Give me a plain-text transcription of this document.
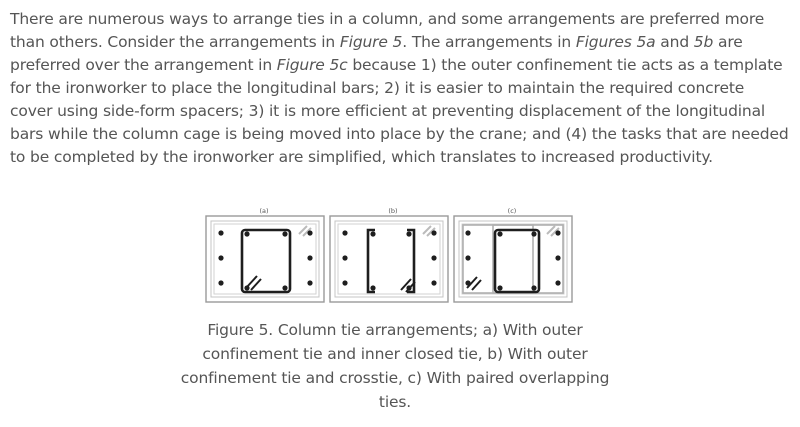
There are numerous ways to arrange ties in a column, and some arrangements are preferred more than others. Consider the arrangements in Figure 5. The arrangements in Figures 5a and 5b are preferred over the arrangement in Figure 5c because 1) the outer confinement tie acts as a template for the ironworker to place the longitudinal bars; 2) it is easier to maintain the required concrete cover using side-form spacers; 3) it is more efficient at preventing displacement of the longitudinal bars while the column cage is being moved into place by the crane; and (4) the tasks that are needed to be completed by the ironworker are simplified, which translates to increased productivity.
(a)	(b)	(c)
Figure 5. Column tie arrangements; a) With outer confinement tie and inner closed tie, b) With outer confinement tie and crosstie, c) With paired overlapping ties.
